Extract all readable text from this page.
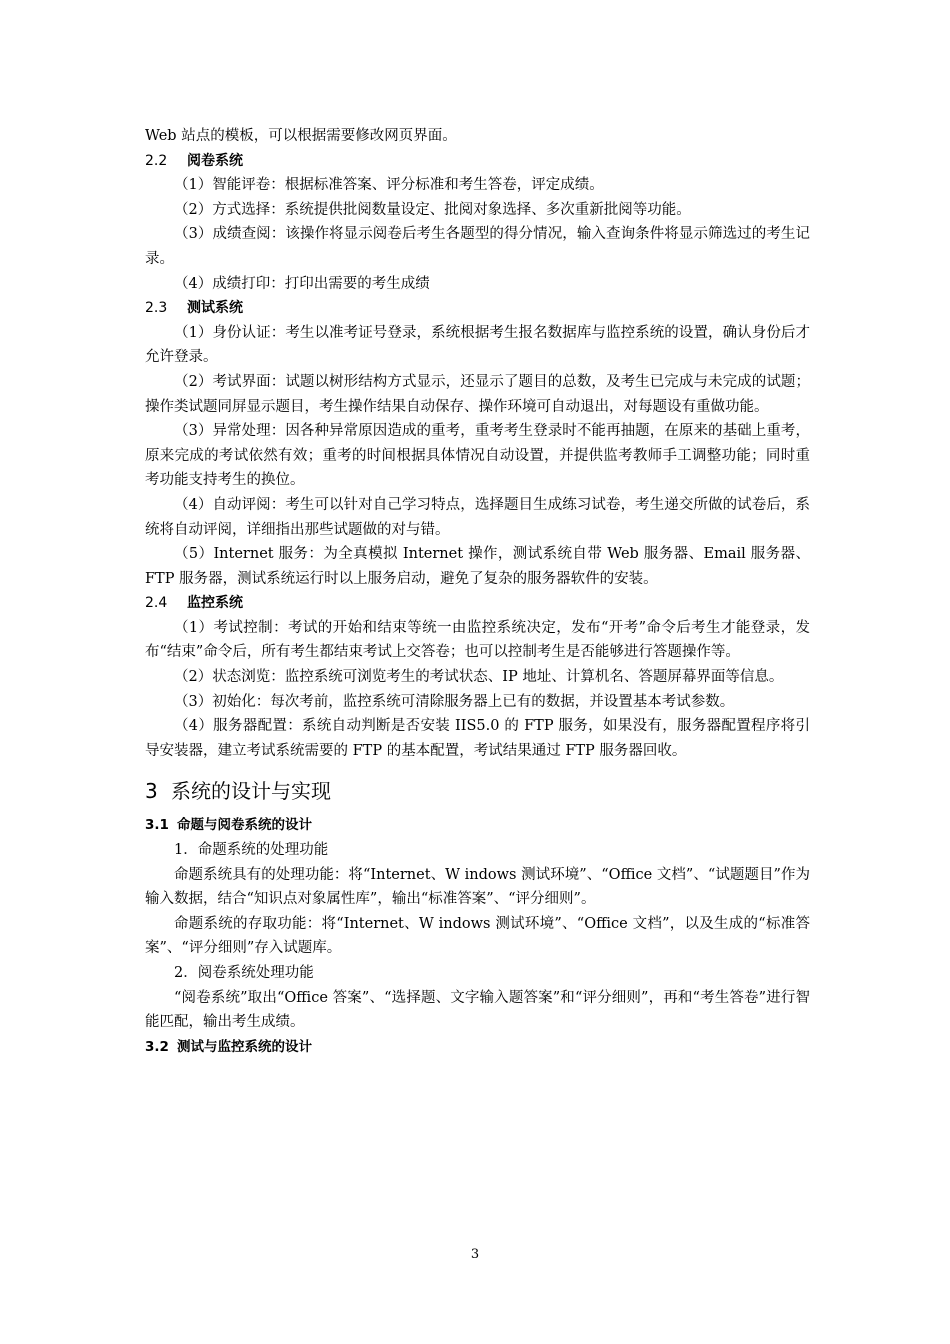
Web 站点的模板，可以根据需要修改网页界面。

2.2 阅卷系统

（1）智能评卷：根据标准答案、评分标准和考生答卷，评定成绩。

（2）方式选择：系统提供批阅数量设定、批阅对象选择、多次重新批阅等功能。

（3）成绩查阅：该操作将显示阅卷后考生各题型的得分情况，输入查询条件将显示筛选过的考生记录。

（4）成绩打印：打印出需要的考生成绩

2.3 测试系统

（1）身份认证：考生以准考证号登录，系统根据考生报名数据库与监控系统的设置，确认身份后才允许登录。

（2）考试界面：试题以树形结构方式显示，还显示了题目的总数，及考生已完成与未完成的试题；操作类试题同屏显示题目，考生操作结果自动保存、操作环境可自动退出，对每题设有重做功能。

（3）异常处理：因各种异常原因造成的重考，重考考生登录时不能再抽题，在原来的基础上重考，原来完成的考试依然有效；重考的时间根据具体情况自动设置，并提供监考教师手工调整功能；同时重考功能支持考生的换位。

（4）自动评阅：考生可以针对自己学习特点，选择题目生成练习试卷，考生递交所做的试卷后，系统将自动评阅，详细指出那些试题做的对与错。

（5）Internet 服务：为全真模拟 Internet 操作，测试系统自带 Web 服务器、Email 服务器、FTP 服务器，测试系统运行时以上服务启动，避免了复杂的服务器软件的安装。

2.4 监控系统

（1）考试控制：考试的开始和结束等统一由监控系统决定，发布“开考”命令后考生才能登录，发布“结束”命令后，所有考生都结束考试上交答卷；也可以控制考生是否能够进行答题操作等。

（2）状态浏览：监控系统可浏览考生的考试状态、IP 地址、计算机名、答题屏幕界面等信息。

（3）初始化：每次考前，监控系统可清除服务器上已有的数据，并设置基本考试参数。

（4）服务器配置：系统自动判断是否安装 IIS5.0 的 FTP 服务，如果没有，服务器配置程序将引导安装器，建立考试系统需要的 FTP 的基本配置，考试结果通过 FTP 服务器回收。

3 系统的设计与实现

3.1 命题与阅卷系统的设计

1．命题系统的处理功能

命题系统具有的处理功能：将“Internet、W indows 测试环境”、“Office 文档”、“试题题目”作为输入数据，结合“知识点对象属性库”，输出“标准答案”、“评分细则”。

命题系统的存取功能：将“Internet、W indows 测试环境”、“Office 文档”，以及生成的“标准答案”、“评分细则”存入试题库。

2．阅卷系统处理功能

“阅卷系统”取出“Office 答案”、“选择题、文字输入题答案”和“评分细则”，再和“考生答卷”进行智能匹配，输出考生成绩。

3.2 测试与监控系统的设计

3
